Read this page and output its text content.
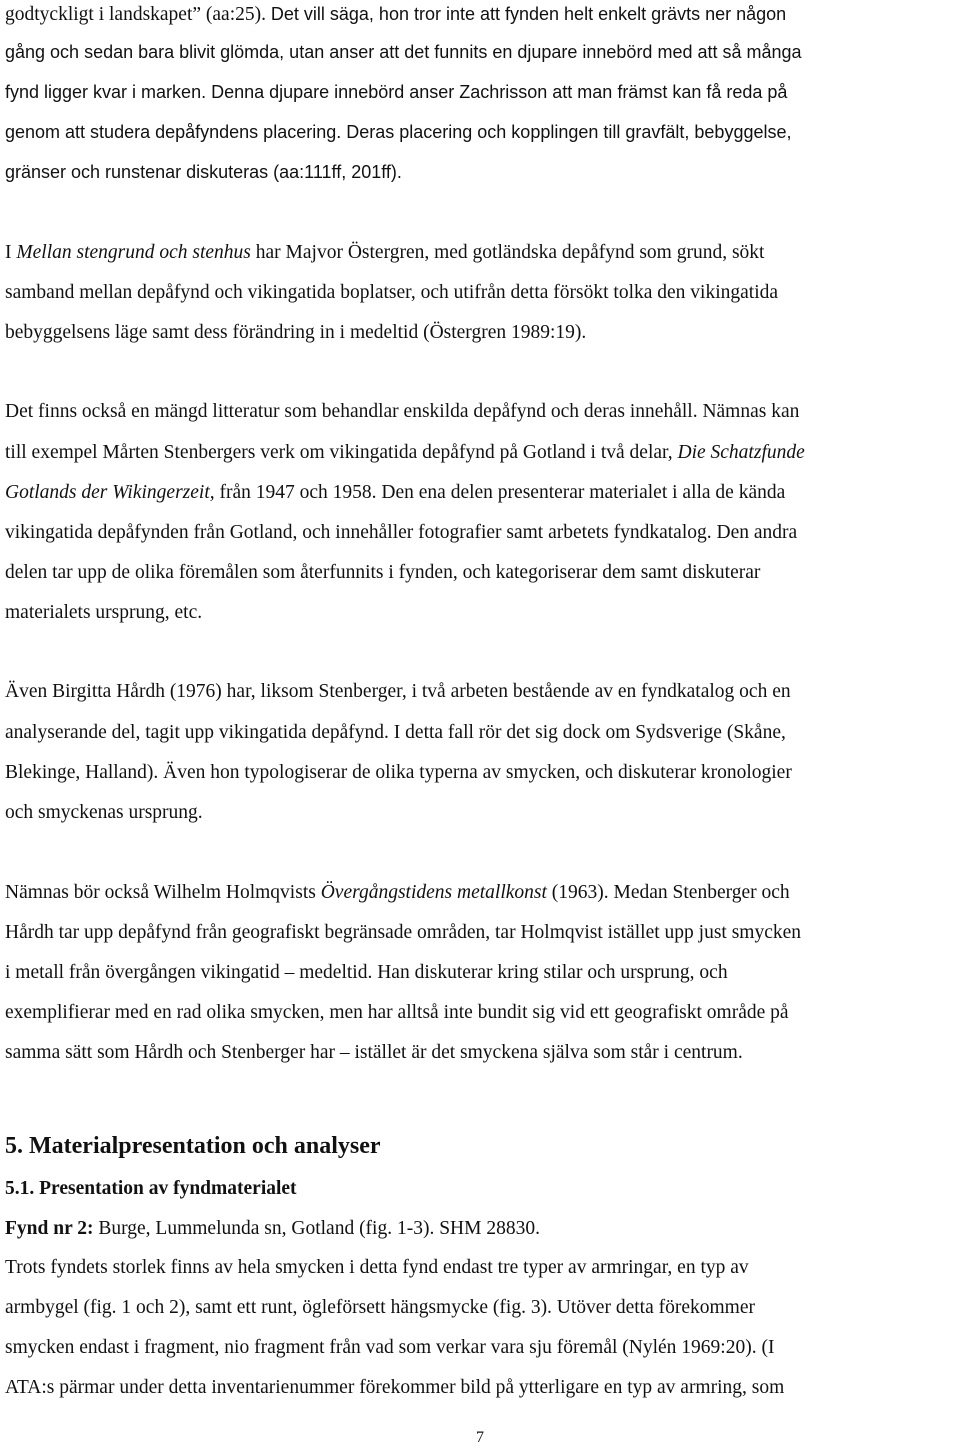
godtyckligt i landskapet” (aa:25). Det vill säga, hon tror inte att fynden helt enkelt grävts ner någon
gång och sedan bara blivit glömda, utan anser att det funnits en djupare innebörd med att så många
fynd ligger kvar i marken. Denna djupare innebörd anser Zachrisson att man främst kan få reda på
genom att studera depåfyndens placering. Deras placering och kopplingen till gravfält, bebyggelse,
gränser och runstenar diskuteras (aa:111ff, 201ff).
I Mellan stengrund och stenhus har Majvor Östergren, med gotländska depåfynd som grund, sökt
samband mellan depåfynd och vikingatida boplatser, och utifrån detta försökt tolka den vikingatida
bebyggelsens läge samt dess förändring in i medeltid (Östergren 1989:19).
Det finns också en mängd litteratur som behandlar enskilda depåfynd och deras innehåll. Nämnas kan
till exempel Mårten Stenbergers verk om vikingatida depåfynd på Gotland i två delar, Die Schatzfunde
Gotlands der Wikingerzeit, från 1947 och 1958. Den ena delen presenterar materialet i alla de kända
vikingatida depåfynden från Gotland, och innehåller fotografier samt arbetets fyndkatalog. Den andra
delen tar upp de olika föremålen som återfunnits i fynden, och kategoriserar dem samt diskuterar
materialets ursprung, etc.
Även Birgitta Hårdh (1976) har, liksom Stenberger, i två arbeten bestående av en fyndkatalog och en
analyserande del, tagit upp vikingatida depåfynd. I detta fall rör det sig dock om Sydsverige (Skåne,
Blekinge, Halland). Även hon typologiserar de olika typerna av smycken, och diskuterar kronologier
och smyckenas ursprung.
Nämnas bör också Wilhelm Holmqvists Övergångstidens metallkonst (1963). Medan Stenberger och
Hårdh tar upp depåfynd från geografiskt begränsade områden, tar Holmqvist istället upp just smycken
i metall från övergången vikingatid – medeltid. Han diskuterar kring stilar och ursprung, och
exemplifierar med en rad olika smycken, men har alltså inte bundit sig vid ett geografiskt område på
samma sätt som Hårdh och Stenberger har – istället är det smyckena själva som står i centrum.
5. Materialpresentation och analyser
5.1. Presentation av fyndmaterialet
Fynd nr 2: Burge, Lummelunda sn, Gotland (fig. 1-3). SHM 28830.
Trots fyndets storlek finns av hela smycken i detta fynd endast tre typer av armringar, en typ av
armbygel (fig. 1 och 2), samt ett runt, ögleförsett hängsmycke (fig. 3). Utöver detta förekommer
smycken endast i fragment, nio fragment från vad som verkar vara sju föremål (Nylén 1969:20). (I
ATA:s pärmar under detta inventarienummer förekommer bild på ytterligare en typ av armring, som
7
